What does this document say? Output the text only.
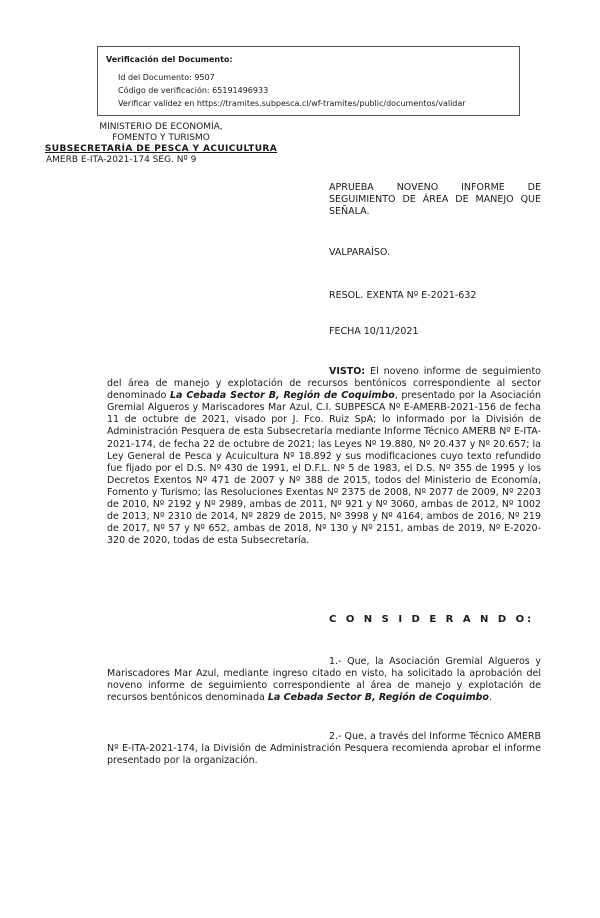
Verificación del Documento:
• Id del Documento: 9507
• Código de verificación: 65191496933
• Verificar validez en https://tramites.subpesca.cl/wf-tramites/public/documentos/validar
MINISTERIO DE ECONOMÍA,
FOMENTO Y TURISMO
SUBSECRETARÍA DE PESCA Y ACUICULTURA
AMERB E-ITA-2021-174 SEG. Nº 9
APRUEBA NOVENO INFORME DE SEGUIMIENTO DE ÁREA DE MANEJO QUE SEÑALA.
VALPARAÍSO.
RESOL. EXENTA Nº E-2021-632
FECHA 10/11/2021
VISTO: El noveno informe de seguimiento del área de manejo y explotación de recursos bentónicos correspondiente al sector denominado La Cebada Sector B, Región de Coquimbo, presentado por la Asociación Gremial Algueros y Mariscadores Mar Azul, C.I. SUBPESCA Nº E-AMERB-2021-156 de fecha 11 de octubre de 2021, visado por J. Fco. Ruiz SpA; lo informado por la División de Administración Pesquera de esta Subsecretaría mediante Informe Técnico AMERB Nº E-ITA-2021-174, de fecha 22 de octubre de 2021; las Leyes Nº 19.880, Nº 20.437 y Nº 20.657; la Ley General de Pesca y Acuicultura Nº 18.892 y sus modificaciones cuyo texto refundido fue fijado por el D.S. Nº 430 de 1991, el D.F.L. Nº 5 de 1983, el D.S. Nº 355 de 1995 y los Decretos Exentos Nº 471 de 2007 y Nº 388 de 2015, todos del Ministerio de Economía, Fomento y Turismo; las Resoluciones Exentas Nº 2375 de 2008, Nº 2077 de 2009, Nº 2203 de 2010, Nº 2192 y Nº 2989, ambas de 2011, Nº 921 y Nº 3060, ambas de 2012, Nº 1002 de 2013, Nº 2310 de 2014, Nº 2829 de 2015, Nº 3998 y Nº 4164, ambos de 2016, Nº 219 de 2017, Nº 57 y Nº 652, ambas de 2018, Nº 130 y Nº 2151, ambas de 2019, Nº E-2020-320 de 2020, todas de esta Subsecretaría.
C O N S I D E R A N D O:
1.- Que, la Asociación Gremial Algueros y Mariscadores Mar Azul, mediante ingreso citado en visto, ha solicitado la aprobación del noveno informe de seguimiento correspondiente al área de manejo y explotación de recursos bentónicos denominada La Cebada Sector B, Región de Coquimbo.
2.- Que, a través del Informe Técnico AMERB Nº E-ITA-2021-174, la División de Administración Pesquera recomienda aprobar el informe presentado por la organización.
